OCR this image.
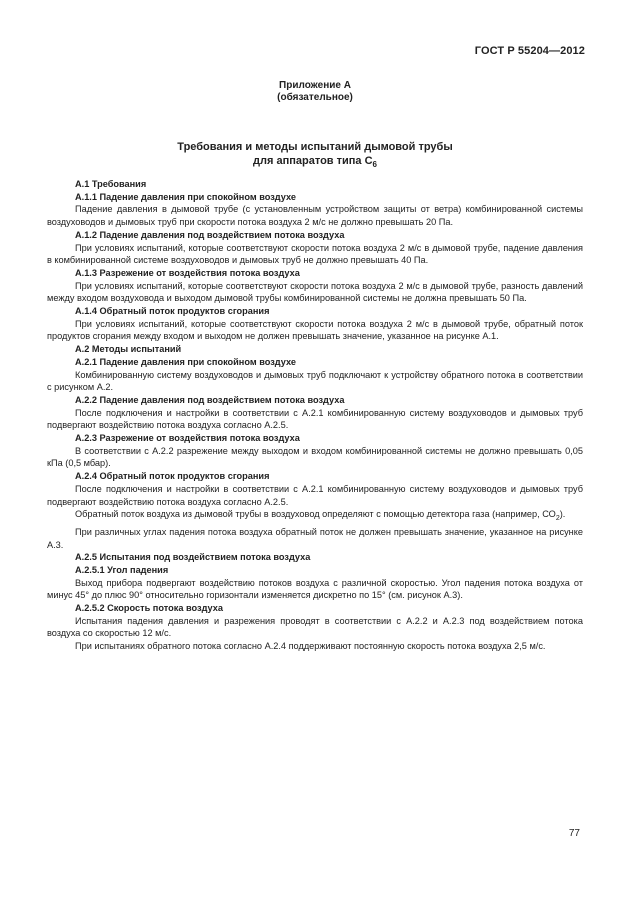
ГОСТ Р 55204—2012
Приложение А
(обязательное)
Требования и методы испытаний дымовой трубы
для аппаратов типа $С_6$

А.1 Требования

А.1.1 Падение давления при спокойном воздухе

Падение давления в дымовой трубе (с установленным устройством защиты от ветра) комбинированной системы воздуховодов и дымовых труб при скорости потока воздуха 2 м/с не должно превышать 20 Па.

А.1.2 Падение давления под воздействием потока воздуха

При условиях испытаний, которые соответствуют скорости потока воздуха 2 м/с в дымовой трубе, падение давления в комбинированной системе воздуховодов и дымовых труб не должно превышать 40 Па.

А.1.3 Разрежение от воздействия потока воздуха

При условиях испытаний, которые соответствуют скорости потока воздуха 2 м/с в дымовой трубе, разность давлений между входом воздуховода и выходом дымовой трубы комбинированной системы не должна превышать 50 Па.

А.1.4 Обратный поток продуктов сгорания

При условиях испытаний, которые соответствуют скорости потока воздуха 2 м/с в дымовой трубе, обратный поток продуктов сгорания между входом и выходом не должен превышать значение, указанное на рисунке А.1.

А.2 Методы испытаний

А.2.1 Падение давления при спокойном воздухе

Комбинированную систему воздуховодов и дымовых труб подключают к устройству обратного потока в соответствии с рисунком А.2.

А.2.2 Падение давления под воздействием потока воздуха

После подключения и настройки в соответствии с А.2.1 комбинированную систему воздуховодов и дымовых труб подвергают воздействию потока воздуха согласно А.2.5.

А.2.3 Разрежение от воздействия потока воздуха

В соответствии с А.2.2 разрежение между выходом и входом комбинированной системы не должно превышать 0,05 кПа (0,5 мбар).

А.2.4 Обратный поток продуктов сгорания

После подключения и настройки в соответствии с А.2.1 комбинированную систему воздуховодов и дымовых труб подвергают воздействию потока воздуха согласно А.2.5.

Обратный поток воздуха из дымовой трубы в воздуховод определяют с помощью детектора газа (например, $СО_2$).

При различных углах падения потока воздуха обратный поток не должен превышать значение, указанное на рисунке А.3.

А.2.5 Испытания под воздействием потока воздуха

А.2.5.1 Угол падения

Выход прибора подвергают воздействию потоков воздуха с различной скоростью. Угол падения потока воздуха от минус 45° до плюс 90° относительно горизонтали изменяется дискретно по 15° (см. рисунок А.3).

А.2.5.2 Скорость потока воздуха

Испытания падения давления и разрежения проводят в соответствии с А.2.2 и А.2.3 под воздействием потока воздуха со скоростью 12 м/с.

При испытаниях обратного потока согласно А.2.4 поддерживают постоянную скорость потока воздуха 2,5 м/с.

77
